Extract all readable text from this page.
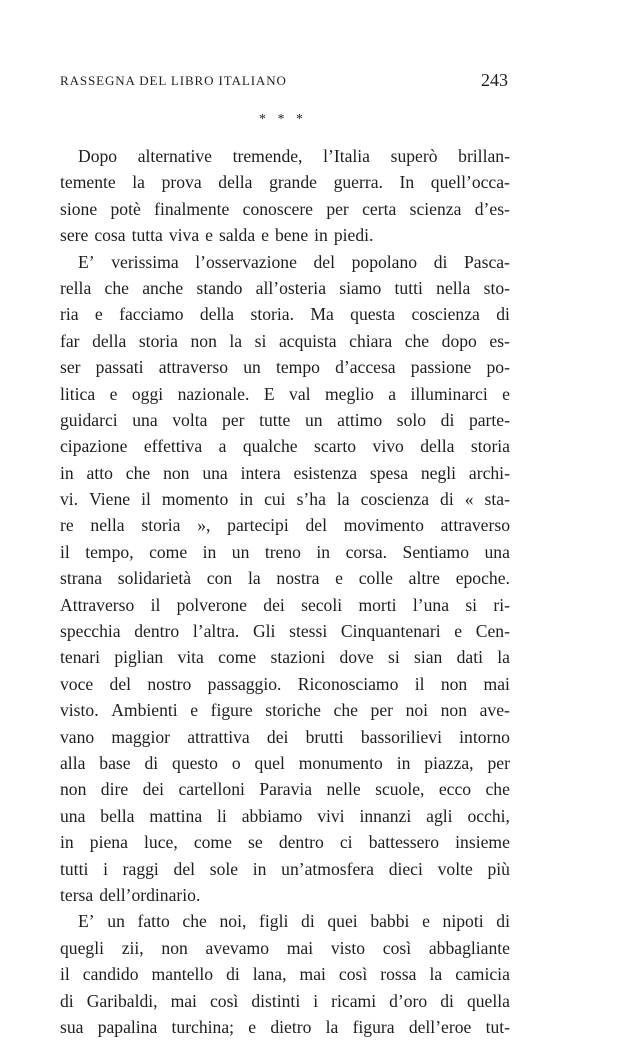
RASSEGNA DEL LIBRO ITALIANO	243
* * *
Dopo alternative tremende, l’Italia superò brillan-
temente la prova della grande guerra. In quell’occa-
sione potè finalmente conoscere per certa scienza d’es-
sere cosa tutta viva e salda e bene in piedi.
E’ verissima l’osservazione del popolano di Pasca-
rella che anche stando all’osteria siamo tutti nella sto-
ria e facciamo della storia. Ma questa coscienza di
far della storia non la si acquista chiara che dopo es-
ser passati attraverso un tempo d’accesa passione po-
litica e oggi nazionale. E val meglio a illuminarci e
guidarci una volta per tutte un attimo solo di parte-
cipazione effettiva a qualche scarto vivo della storia
in atto che non una intera esistenza spesa negli archi-
vi. Viene il momento in cui s’ha la coscienza di « sta-
re nella storia », partecipi del movimento attraverso
il tempo, come in un treno in corsa. Sentiamo una
strana solidarietà con la nostra e colle altre epoche.
Attraverso il polverone dei secoli morti l’una si ri-
specchia dentro l’altra. Gli stessi Cinquantenari e Cen-
tenari piglian vita come stazioni dove si sian dati la
voce del nostro passaggio. Riconosciamo il non mai
visto. Ambienti e figure storiche che per noi non ave-
vano maggior attrattiva dei brutti bassorilievi intorno
alla base di questo o quel monumento in piazza, per
non dire dei cartelloni Paravia nelle scuole, ecco che
una bella mattina li abbiamo vivi innanzi agli occhi,
in piena luce, come se dentro ci battessero insieme
tutti i raggi del sole in un’atmosfera dieci volte più
tersa dell’ordinario.
E’ un fatto che noi, figli di quei babbi e nipoti di
quegli zii, non avevamo mai visto così abbagliante
il candido mantello di lana, mai così rossa la camicia
di Garibaldi, mai così distinti i ricami d’oro di quella
sua papalina turchina; e dietro la figura dell’eroe tut-
